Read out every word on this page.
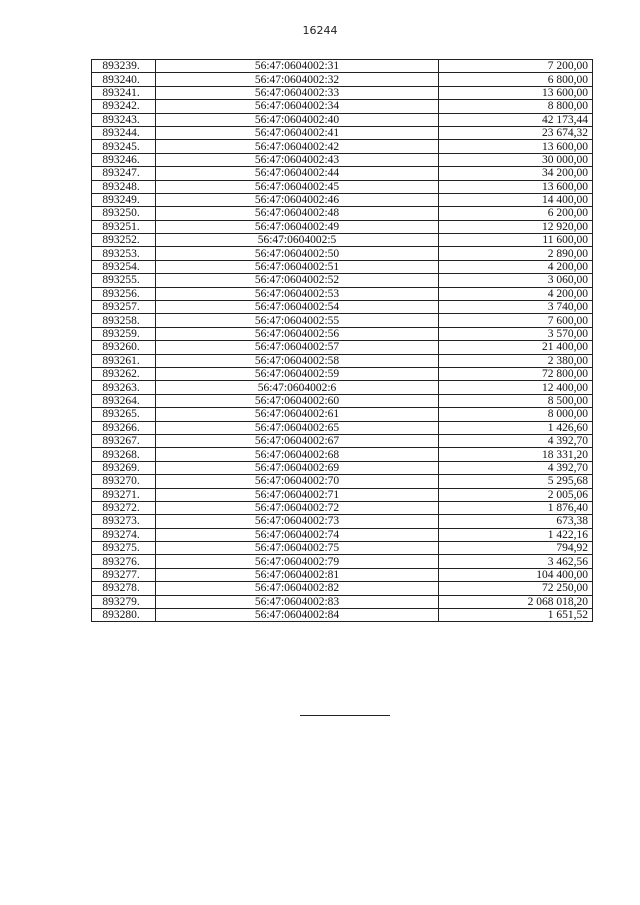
16244
893239.	56:47:0604002:31	7 200,00
893240.	56:47:0604002:32	6 800,00
893241.	56:47:0604002:33	13 600,00
893242.	56:47:0604002:34	8 800,00
893243.	56:47:0604002:40	42 173,44
893244.	56:47:0604002:41	23 674,32
893245.	56:47:0604002:42	13 600,00
893246.	56:47:0604002:43	30 000,00
893247.	56:47:0604002:44	34 200,00
893248.	56:47:0604002:45	13 600,00
893249.	56:47:0604002:46	14 400,00
893250.	56:47:0604002:48	6 200,00
893251.	56:47:0604002:49	12 920,00
893252.	56:47:0604002:5	11 600,00
893253.	56:47:0604002:50	2 890,00
893254.	56:47:0604002:51	4 200,00
893255.	56:47:0604002:52	3 060,00
893256.	56:47:0604002:53	4 200,00
893257.	56:47:0604002:54	3 740,00
893258.	56:47:0604002:55	7 600,00
893259.	56:47:0604002:56	3 570,00
893260.	56:47:0604002:57	21 400,00
893261.	56:47:0604002:58	2 380,00
893262.	56:47:0604002:59	72 800,00
893263.	56:47:0604002:6	12 400,00
893264.	56:47:0604002:60	8 500,00
893265.	56:47:0604002:61	8 000,00
893266.	56:47:0604002:65	1 426,60
893267.	56:47:0604002:67	4 392,70
893268.	56:47:0604002:68	18 331,20
893269.	56:47:0604002:69	4 392,70
893270.	56:47:0604002:70	5 295,68
893271.	56:47:0604002:71	2 005,06
893272.	56:47:0604002:72	1 876,40
893273.	56:47:0604002:73	673,38
893274.	56:47:0604002:74	1 422,16
893275.	56:47:0604002:75	794,92
893276.	56:47:0604002:79	3 462,56
893277.	56:47:0604002:81	104 400,00
893278.	56:47:0604002:82	72 250,00
893279.	56:47:0604002:83	2 068 018,20
893280.	56:47:0604002:84	1 651,52
